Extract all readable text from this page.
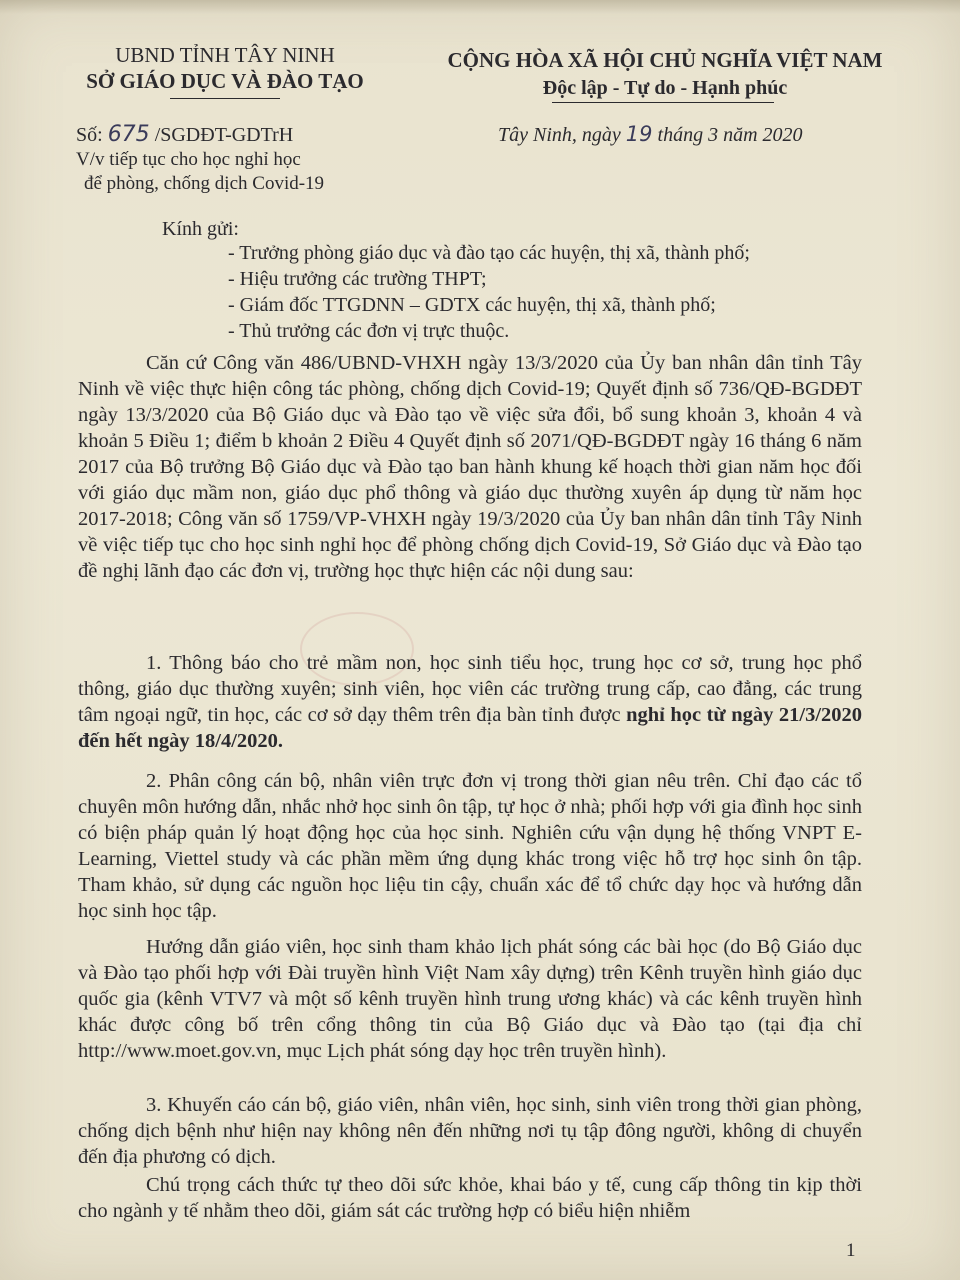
UBND TỈNH TÂY NINH
SỞ GIÁO DỤC VÀ ĐÀO TẠO
CỘNG HÒA XÃ HỘI CHỦ NGHĨA VIỆT NAM
Độc lập - Tự do - Hạnh phúc
Số: 675 /SGDĐT-GDTrH	Tây Ninh, ngày 19 tháng 3 năm 2020
V/v tiếp tục cho học nghỉ học
để phòng, chống dịch Covid-19
Kính gửi:
- Trưởng phòng giáo dục và đào tạo các huyện, thị xã, thành phố;
- Hiệu trưởng các trường THPT;
- Giám đốc TTGDNN – GDTX các huyện, thị xã, thành phố;
- Thủ trưởng các đơn vị trực thuộc.

Căn cứ Công văn 486/UBND-VHXH ngày 13/3/2020 của Ủy ban nhân dân tỉnh Tây Ninh về việc thực hiện công tác phòng, chống dịch Covid-19; Quyết định số 736/QĐ-BGDĐT ngày 13/3/2020 của Bộ Giáo dục và Đào tạo về việc sửa đổi, bổ sung khoản 3, khoản 4 và khoản 5 Điều 1; điểm b khoản 2 Điều 4 Quyết định số 2071/QĐ-BGDĐT ngày 16 tháng 6 năm 2017 của Bộ trưởng Bộ Giáo dục và Đào tạo ban hành khung kế hoạch thời gian năm học đối với giáo dục mầm non, giáo dục phổ thông và giáo dục thường xuyên áp dụng từ năm học 2017-2018; Công văn số 1759/VP-VHXH ngày 19/3/2020 của Ủy ban nhân dân tỉnh Tây Ninh về việc tiếp tục cho học sinh nghỉ học để phòng chống dịch Covid-19, Sở Giáo dục và Đào tạo đề nghị lãnh đạo các đơn vị, trường học thực hiện các nội dung sau:

1. Thông báo cho trẻ mầm non, học sinh tiểu học, trung học cơ sở, trung học phổ thông, giáo dục thường xuyên; sinh viên, học viên các trường trung cấp, cao đẳng, các trung tâm ngoại ngữ, tin học, các cơ sở dạy thêm trên địa bàn tỉnh được nghỉ học từ ngày 21/3/2020 đến hết ngày 18/4/2020.

2. Phân công cán bộ, nhân viên trực đơn vị trong thời gian nêu trên. Chỉ đạo các tổ chuyên môn hướng dẫn, nhắc nhở học sinh ôn tập, tự học ở nhà; phối hợp với gia đình học sinh có biện pháp quản lý hoạt động học của học sinh. Nghiên cứu vận dụng hệ thống VNPT E-Learning, Viettel study và các phần mềm ứng dụng khác trong việc hỗ trợ học sinh ôn tập. Tham khảo, sử dụng các nguồn học liệu tin cậy, chuẩn xác để tổ chức dạy học và hướng dẫn học sinh học tập.

Hướng dẫn giáo viên, học sinh tham khảo lịch phát sóng các bài học (do Bộ Giáo dục và Đào tạo phối hợp với Đài truyền hình Việt Nam xây dựng) trên Kênh truyền hình giáo dục quốc gia (kênh VTV7 và một số kênh truyền hình trung ương khác) và các kênh truyền hình khác được công bố trên cổng thông tin của Bộ Giáo dục và Đào tạo (tại địa chỉ http://www.moet.gov.vn, mục Lịch phát sóng dạy học trên truyền hình).

3. Khuyến cáo cán bộ, giáo viên, nhân viên, học sinh, sinh viên trong thời gian phòng, chống dịch bệnh như hiện nay không nên đến những nơi tụ tập đông người, không di chuyển đến địa phương có dịch.

Chú trọng cách thức tự theo dõi sức khỏe, khai báo y tế, cung cấp thông tin kịp thời cho ngành y tế nhằm theo dõi, giám sát các trường hợp có biểu hiện nhiễm

1
